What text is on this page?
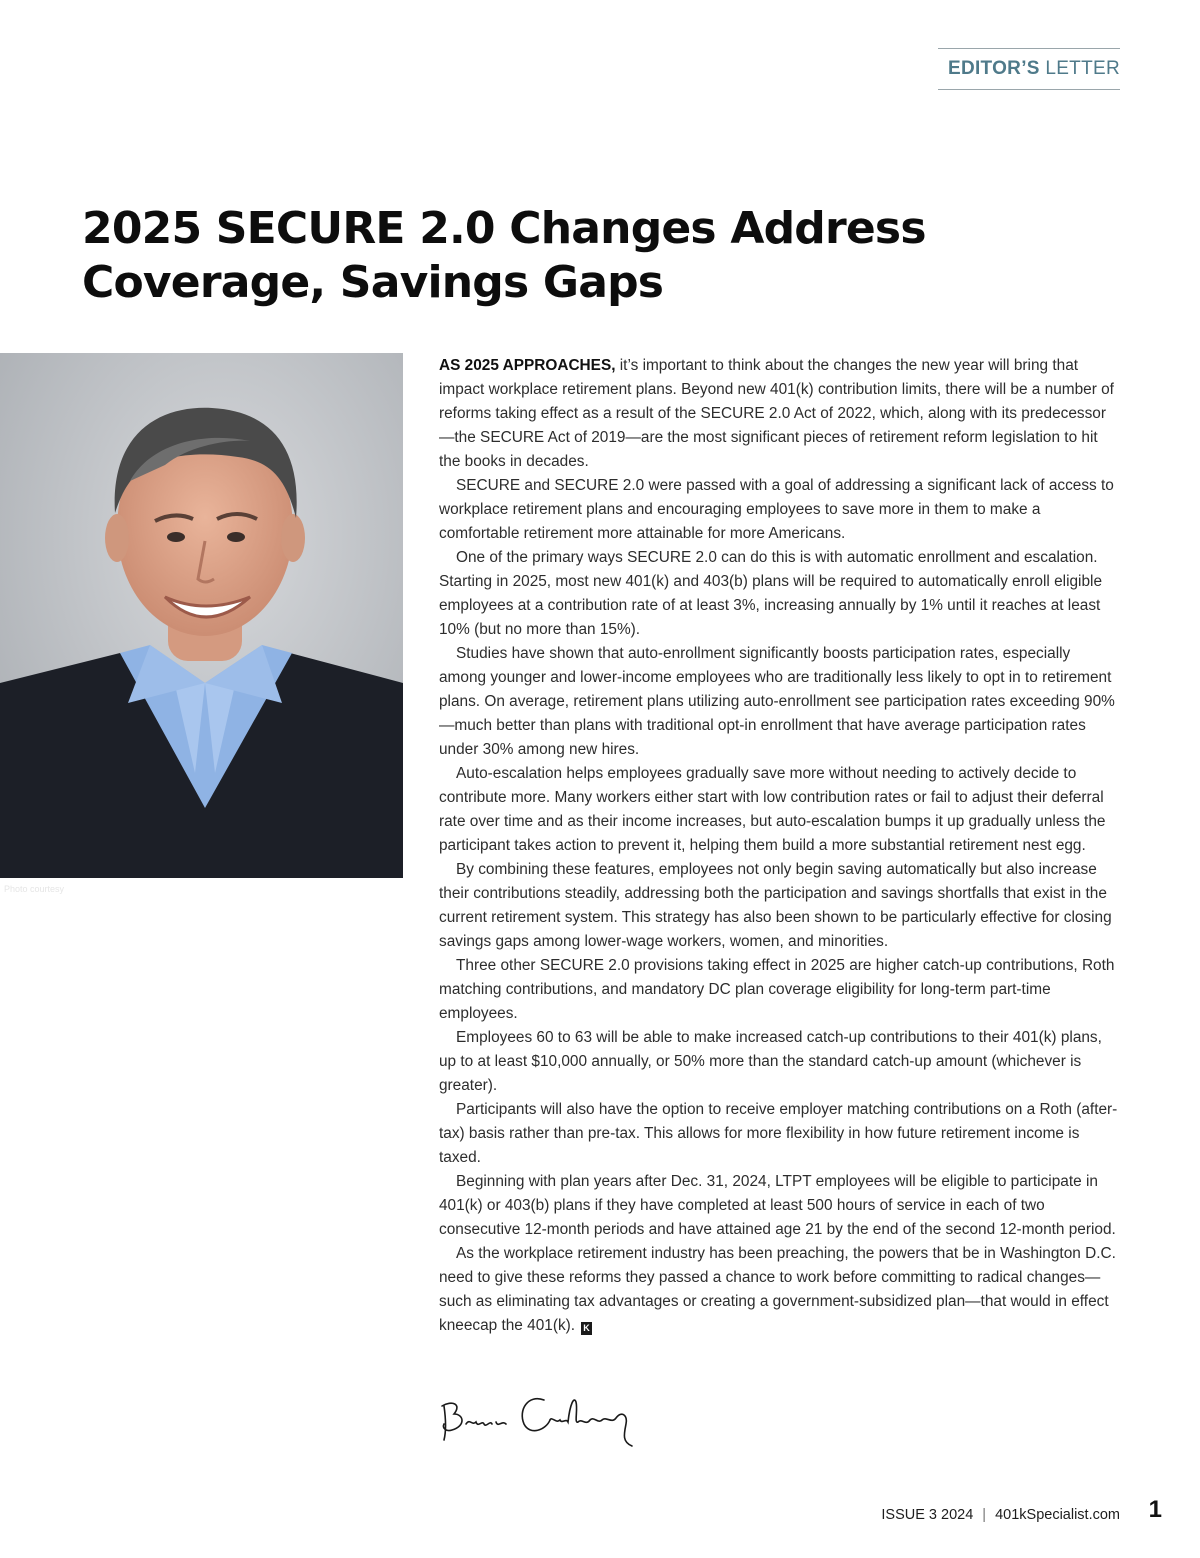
EDITOR’S LETTER
2025 SECURE 2.0 Changes Address
Coverage, Savings Gaps
Photo courtesy

AS 2025 APPROACHES, it’s important to think about the changes the new year will bring that impact workplace retirement plans. Beyond new 401(k) contribution limits, there will be a number of reforms taking effect as a result of the SECURE 2.0 Act of 2022, which, along with its predecessor—the SECURE Act of 2019—are the most significant pieces of retirement reform legislation to hit the books in decades.

SECURE and SECURE 2.0 were passed with a goal of addressing a significant lack of access to workplace retirement plans and encouraging employees to save more in them to make a comfortable retirement more attainable for more Americans.

One of the primary ways SECURE 2.0 can do this is with automatic enrollment and escalation. Starting in 2025, most new 401(k) and 403(b) plans will be required to automatically enroll eligible employees at a contribution rate of at least 3%, increasing annually by 1% until it reaches at least 10% (but no more than 15%).

Studies have shown that auto-enrollment significantly boosts participation rates, especially among younger and lower-income employees who are traditionally less likely to opt in to retirement plans. On average, retirement plans utilizing auto-enrollment see participation rates exceeding 90%—much better than plans with traditional opt-in enrollment that have average participation rates under 30% among new hires.

Auto-escalation helps employees gradually save more without needing to actively decide to contribute more. Many workers either start with low contribution rates or fail to adjust their deferral rate over time and as their income increases, but auto-escalation bumps it up gradually unless the participant takes action to prevent it, helping them build a more substantial retirement nest egg.

By combining these features, employees not only begin saving automatically but also increase their contributions steadily, addressing both the participation and savings shortfalls that exist in the current retirement system. This strategy has also been shown to be particularly effective for closing savings gaps among lower-wage workers, women, and minorities.

Three other SECURE 2.0 provisions taking effect in 2025 are higher catch-up contributions, Roth matching contributions, and mandatory DC plan coverage eligibility for long-term part-time employees.

Employees 60 to 63 will be able to make increased catch-up contributions to their 401(k) plans, up to at least $10,000 annually, or 50% more than the standard catch-up amount (whichever is greater).

Participants will also have the option to receive employer matching contributions on a Roth (after-tax) basis rather than pre-tax. This allows for more flexibility in how future retirement income is taxed.

Beginning with plan years after Dec. 31, 2024, LTPT employees will be eligible to participate in 401(k) or 403(b) plans if they have completed at least 500 hours of service in each of two consecutive 12-month periods and have attained age 21 by the end of the second 12-month period.

As the workplace retirement industry has been preaching, the powers that be in Washington D.C. need to give these reforms they passed a chance to work before committing to radical changes—such as eliminating tax advantages or creating a government-subsidized plan—that would in effect kneecap the 401(k). K

ISSUE 3 2024 | 401kSpecialist.com 1
